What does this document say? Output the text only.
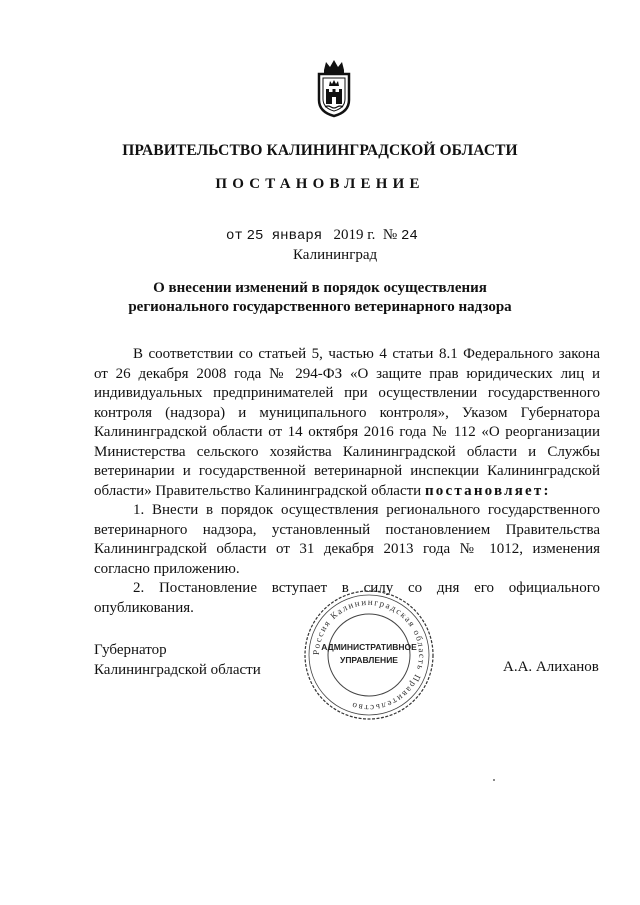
ПРАВИТЕЛЬСТВО КАЛИНИНГРАДСКОЙ ОБЛАСТИ
ПОСТАНОВЛЕНИЕ
от 25 января 2019 г. № 24
Калининград
О внесении изменений в порядок осуществления
регионального государственного ветеринарного надзора

В соответствии со статьей 5, частью 4 статьи 8.1 Федерального закона от 26 декабря 2008 года № 294-ФЗ «О защите прав юридических лиц и индивидуальных предпринимателей при осуществлении государственного контроля (надзора) и муниципального контроля», Указом Губернатора Калининградской области от 14 октября 2016 года № 112 «О реорганизации Министерства сельского хозяйства Калининградской области и Службы ветеринарии и государственной ветеринарной инспекции Калининградской области» Правительство Калининградской области постановляет:

1. Внести в порядок осуществления регионального государственного ветеринарного надзора, установленный постановлением Правительства Калининградской области от 31 декабря 2013 года № 1012, изменения согласно приложению.

2. Постановление вступает в силу со дня его официального опубликования.

Губернатор
Калининградской области	А.А. Алиханов
Россия Калининградская область Правительство
АДМИНИСТРАТИВНОЕ
УПРАВЛЕНИЕ
